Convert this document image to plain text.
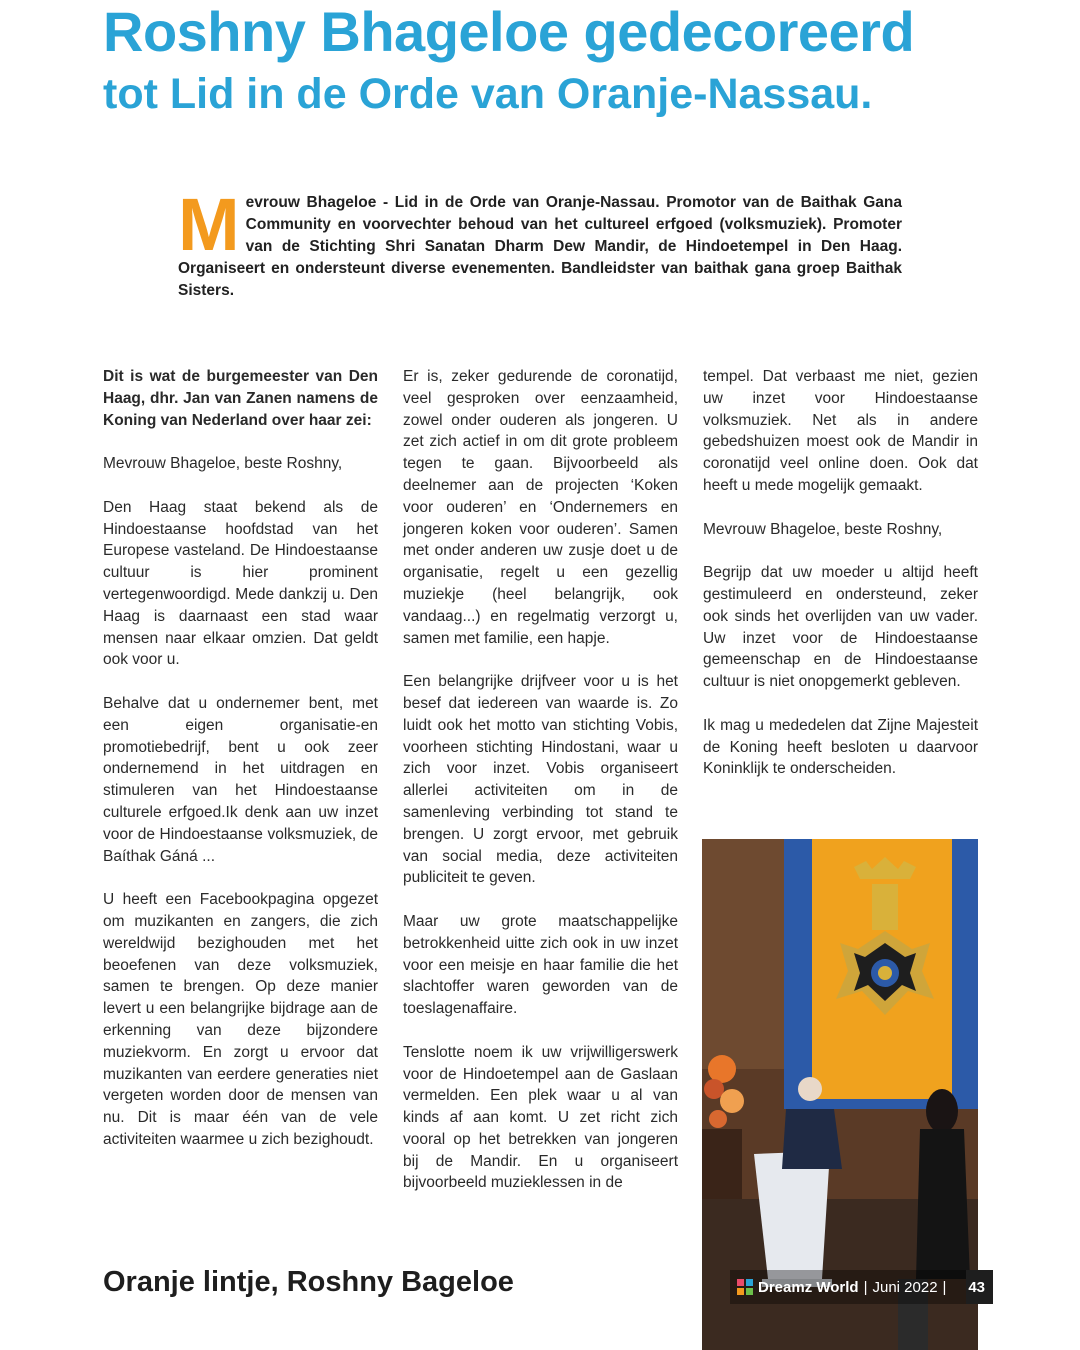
Roshny Bhageloe gedecoreerd
tot Lid in de Orde van Oranje-Nassau.
M evrouw Bhageloe - Lid in de Orde van Oranje-Nassau. Promotor van de Baithak Gana Community en voorvechter behoud van het cultureel erfgoed (volksmuziek). Promoter van de Stichting Shri Sanatan Dharm Dew Mandir, de Hindoetempel in Den Haag. Organiseert en ondersteunt diverse evenementen. Bandleidster van baithak gana groep Baithak Sisters.

Dit is wat de burgemeester van Den Haag, dhr. Jan van Zanen namens de Koning van Nederland over haar zei:

Mevrouw Bhageloe, beste Roshny,

Den Haag staat bekend als de Hindoestaanse hoofdstad van het Europese vasteland. De Hindoestaanse cultuur is hier prominent vertegenwoordigd. Mede dankzij u. Den Haag is daarnaast een stad waar mensen naar elkaar omzien. Dat geldt ook voor u.

Behalve dat u ondernemer bent, met een eigen organisatie-en promotiebedrijf, bent u ook zeer ondernemend in het uitdragen en stimuleren van het Hindoestaanse culturele erfgoed.Ik denk aan uw inzet voor de Hindoestaanse volksmuziek, de Baíthak Gáná ...

U heeft een Facebookpagina opgezet om muzikanten en zangers, die zich wereldwijd bezighouden met het beoefenen van deze volksmuziek, samen te brengen. Op deze manier levert u een belangrijke bijdrage aan de erkenning van deze bijzondere muziekvorm. En zorgt u ervoor dat muzikanten van eerdere generaties niet vergeten worden door de mensen van nu. Dit is maar één van de vele activiteiten waarmee u zich bezighoudt.

Er is, zeker gedurende de coronatijd, veel gesproken over eenzaamheid, zowel onder ouderen als jongeren. U zet zich actief in om dit grote probleem tegen te gaan. Bijvoorbeeld als deelnemer aan de projecten ‘Koken voor ouderen’ en ‘Ondernemers en jongeren koken voor ouderen’. Samen met onder anderen uw zusje doet u de organisatie, regelt u een gezellig muziekje (heel belangrijk, ook vandaag...) en regelmatig verzorgt u, samen met familie, een hapje.

Een belangrijke drijfveer voor u is het besef dat iedereen van waarde is. Zo luidt ook het motto van stichting Vobis, voorheen stichting Hindostani, waar u zich voor inzet. Vobis organiseert allerlei activiteiten om in de samenleving verbinding tot stand te brengen. U zorgt ervoor, met gebruik van social media, deze activiteiten publiciteit te geven.

Maar uw grote maatschappelijke betrokkenheid uitte zich ook in uw inzet voor een meisje en haar familie die het slachtoffer waren geworden van de toeslagenaffaire.

Tenslotte noem ik uw vrijwilligerswerk voor de Hindoetempel aan de Gaslaan vermelden. Een plek waar u al van kinds af aan komt. U zet richt zich vooral op het betrekken van jongeren bij de Mandir. En u organiseert bijvoorbeeld muzieklessen in de

tempel. Dat verbaast me niet, gezien uw inzet voor Hindoestaanse volksmuziek. Net als in andere gebedshuizen moest ook de Mandir in coronatijd veel online doen. Ook dat heeft u mede mogelijk gemaakt.

Mevrouw Bhageloe, beste Roshny,

Begrijp dat uw moeder u altijd heeft gestimuleerd en ondersteund, zeker ook sinds het overlijden van uw vader. Uw inzet voor de Hindoestaanse gemeenschap en de Hindoestaanse cultuur is niet onopgemerkt gebleven.

Ik mag u mededelen dat Zijne Majesteit de Koning heeft besloten u daarvoor Koninklijk te onderscheiden.

Oranje lintje, Roshny Bageloe	Dreamz World | Juni 2022 | 43
